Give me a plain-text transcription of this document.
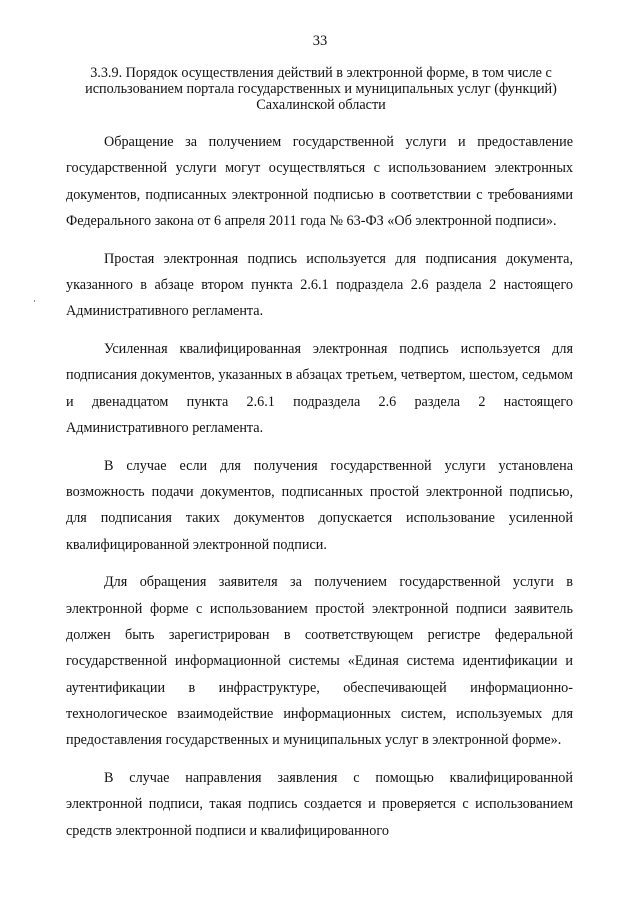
33
3.3.9. Порядок осуществления действий в электронной форме, в том числе с использованием портала государственных и муниципальных услуг (функций) Сахалинской области

Обращение за получением государственной услуги и предоставление государственной услуги могут осуществляться с использованием электронных документов, подписанных электронной подписью в соответствии с требованиями Федерального закона от 6 апреля 2011 года № 63-ФЗ «Об электронной подписи».

Простая электронная подпись используется для подписания документа, указанного в абзаце втором пункта 2.6.1 подраздела 2.6 раздела 2 настоящего Административного регламента.

Усиленная квалифицированная электронная подпись используется для подписания документов, указанных в абзацах третьем, четвертом, шестом, седьмом и двенадцатом пункта 2.6.1 подраздела 2.6 раздела 2 настоящего Административного регламента.

В случае если для получения государственной услуги установлена возможность подачи документов, подписанных простой электронной подписью, для подписания таких документов допускается использование усиленной квалифицированной электронной подписи.

Для обращения заявителя за получением государственной услуги в электронной форме с использованием простой электронной подписи заявитель должен быть зарегистрирован в соответствующем регистре федеральной государственной информационной системы «Единая система идентификации и аутентификации в инфраструктуре, обеспечивающей информационно-технологическое взаимодействие информационных систем, используемых для предоставления государственных и муниципальных услуг в электронной форме».

В случае направления заявления с помощью квалифицированной электронной подписи, такая подпись создается и проверяется с использованием средств электронной подписи и квалифицированного
